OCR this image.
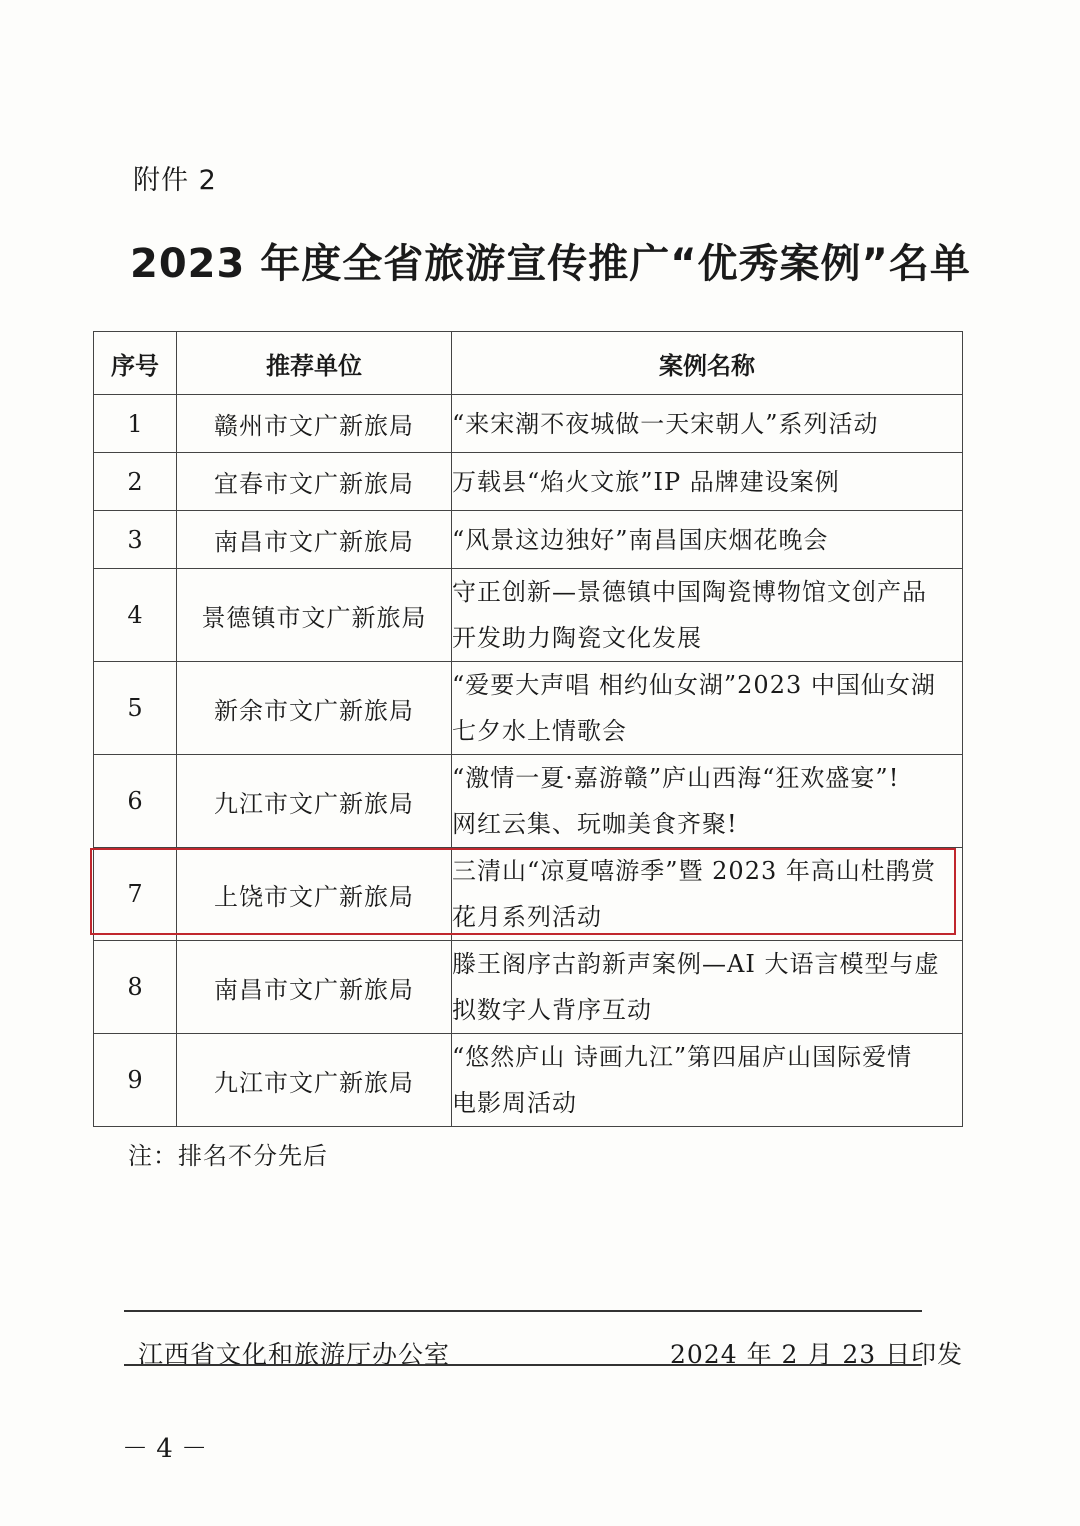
附件 2
2023 年度全省旅游宣传推广“优秀案例”名单
序号	推荐单位	案例名称
1	赣州市文广新旅局	“来宋潮不夜城做一天宋朝人”系列活动
2	宜春市文广新旅局	万载县“焰火文旅”IP 品牌建设案例
3	南昌市文广新旅局	“风景这边独好”南昌国庆烟花晚会
4	景德镇市文广新旅局	守正创新—景德镇中国陶瓷博物馆文创产品
开发助力陶瓷文化发展

5	新余市文广新旅局	“爱要大声唱 相约仙女湖”2023 中国仙女湖
七夕水上情歌会

6	九江市文广新旅局	“激情一夏·嘉游赣”庐山西海“狂欢盛宴”!
网红云集、玩咖美食齐聚!

7	上饶市文广新旅局	三清山“凉夏嘻游季”暨 2023 年高山杜鹃赏
花月系列活动

8	南昌市文广新旅局	滕王阁序古韵新声案例—AI 大语言模型与虚
拟数字人背序互动

9	九江市文广新旅局	“悠然庐山 诗画九江”第四届庐山国际爱情
电影周活动
注：排名不分先后
江西省文化和旅游厅办公室	2024 年 2 月 23 日印发
－ 4 －
